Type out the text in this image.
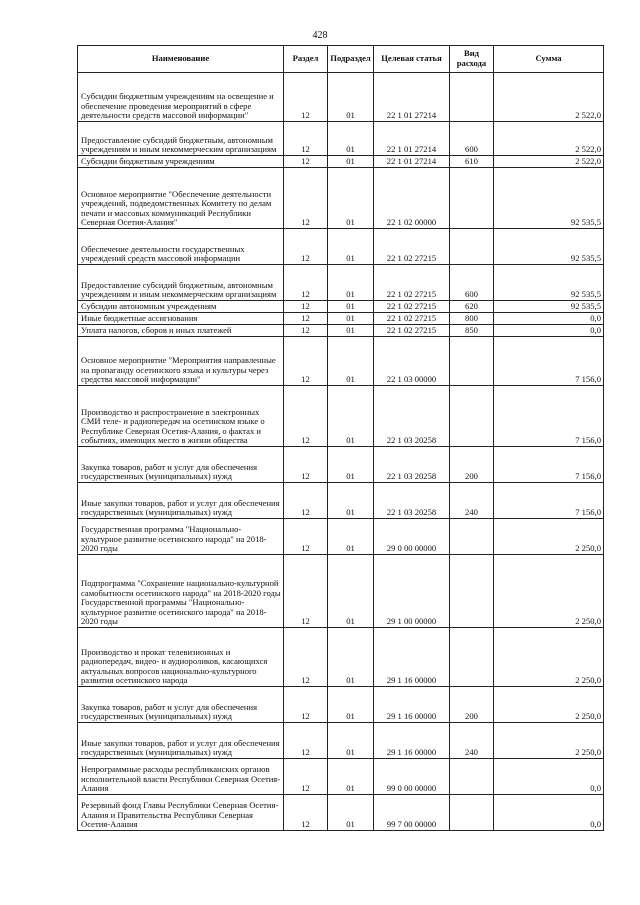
428
Наименование	Раздел	Подраздел	Целевая статья	Вид расхода	Сумма
Субсидии бюджетным учреждениям на освещение и обеспечение проведения мероприятий в сфере деятельности средств массовой информации"	12	01	22 1 01 27214		2 522,0
Предоставление субсидий бюджетным, автономным учреждениям и иным некоммерческим организациям	12	01	22 1 01 27214	600	2 522,0
Субсидии бюджетным учреждениям	12	01	22 1 01 27214	610	2 522,0
Основное мероприятие "Обеспечение деятельности учреждений, подведомственных Комитету по делам печати и массовых коммуникаций Республики Северная Осетия-Алания"	12	01	22 1 02 00000		92 535,5
Обеспечение деятельности государственных учреждений средств массовой информации	12	01	22 1 02 27215		92 535,5
Предоставление субсидий бюджетным, автономным учреждениям и иным некоммерческим организациям	12	01	22 1 02 27215	600	92 535,5
Субсидии автономным учреждениям	12	01	22 1 02 27215	620	92 535,5
Иные бюджетные ассигнования	12	01	22 1 02 27215	800	0,0
Уплата налогов, сборов и иных платежей	12	01	22 1 02 27215	850	0,0
Основное мероприятие "Мероприятия направленные на пропаганду осетинского языка и культуры через средства массовой информации"	12	01	22 1 03 00000		7 156,0
Производство и распространение в электронных СМИ теле- и радиопередач на осетинском языке о Республике Северная Осетия-Алания, о фактах и событиях, имеющих место в жизни общества	12	01	22 1 03 20258		7 156,0
Закупка товаров, работ и услуг для обеспечения государственных (муниципальных) нужд	12	01	22 1 03 20258	200	7 156,0
Иные закупки товаров, работ и услуг для обеспечения государственных (муниципальных) нужд	12	01	22 1 03 20258	240	7 156,0
Государственная программа "Национально-культурное развитие осетинского народа" на 2018-2020 годы	12	01	29 0 00 00000		2 250,0
Подпрограмма "Сохранение национально-культурной самобытности осетинского народа" на 2018-2020 годы Государственной программы "Национально-культурное развитие осетинского народа" на 2018-2020 годы	12	01	29 1 00 00000		2 250,0
Производство и прокат телевизионных и радиопередач, видео- и аудиороликов, касающихся актуальных вопросов национально-культурного развития осетинского народа	12	01	29 1 16 00000		2 250,0
Закупка товаров, работ и услуг для обеспечения государственных (муниципальных) нужд	12	01	29 1 16 00000	200	2 250,0
Иные закупки товаров, работ и услуг для обеспечения государственных (муниципальных) нужд	12	01	29 1 16 00000	240	2 250,0
Непрограммные расходы республиканских органов исполнительной власти Республики Северная Осетия-Алания	12	01	99 0 00 00000		0,0
Резервный фонд Главы Республики Северная Осетия-Алания и Правительства Республики Северная Осетия-Алания	12	01	99 7 00 00000		0,0
